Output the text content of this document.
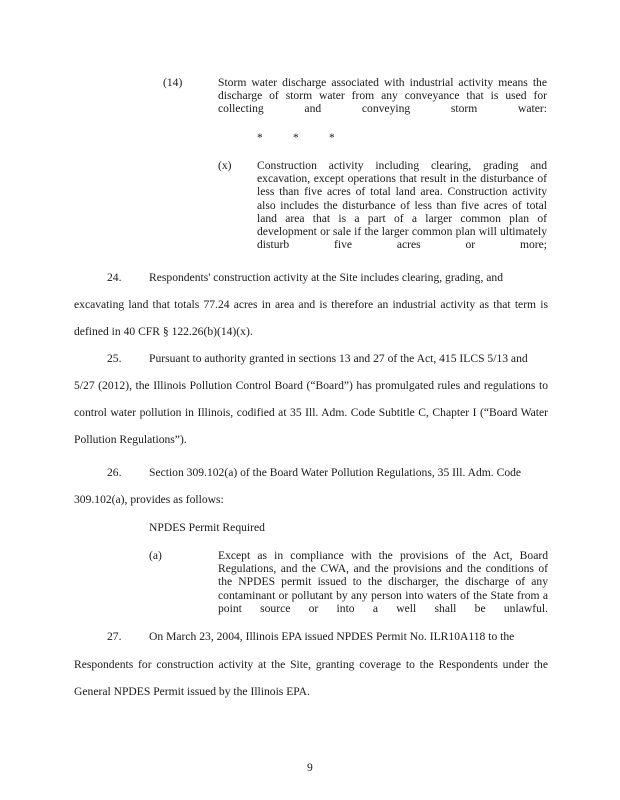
(14)	Storm water discharge associated with industrial activity means the discharge of storm water from any conveyance that is used for collecting and conveying storm water:

*	*	*
(x) Construction activity including clearing, grading and excavation, except operations that result in the disturbance of less than five acres of total land area. Construction activity also includes the disturbance of less than five acres of total land area that is a part of a larger common plan of development or sale if the larger common plan will ultimately disturb five acres or more;

24. Respondents' construction activity at the Site includes clearing, grading, and

excavating land that totals 77.24 acres in area and is therefore an industrial activity as that term is defined in 40 CFR § 122.26(b)(14)(x).

25. Pursuant to authority granted in sections 13 and 27 of the Act, 415 ILCS 5/13 and

5/27 (2012), the Illinois Pollution Control Board (“Board”) has promulgated rules and regulations to control water pollution in Illinois, codified at 35 Ill. Adm. Code Subtitle C, Chapter I (“Board Water Pollution Regulations”).

26. Section 309.102(a) of the Board Water Pollution Regulations, 35 Ill. Adm. Code

309.102(a), provides as follows:

NPDES Permit Required
(a)	Except as in compliance with the provisions of the Act, Board Regulations, and the CWA, and the provisions and the conditions of the NPDES permit issued to the discharger, the discharge of any contaminant or pollutant by any person into waters of the State from a point source or into a well shall be unlawful.

27. On March 23, 2004, Illinois EPA issued NPDES Permit No. ILR10A118 to the

Respondents for construction activity at the Site, granting coverage to the Respondents under the General NPDES Permit issued by the Illinois EPA.

9
